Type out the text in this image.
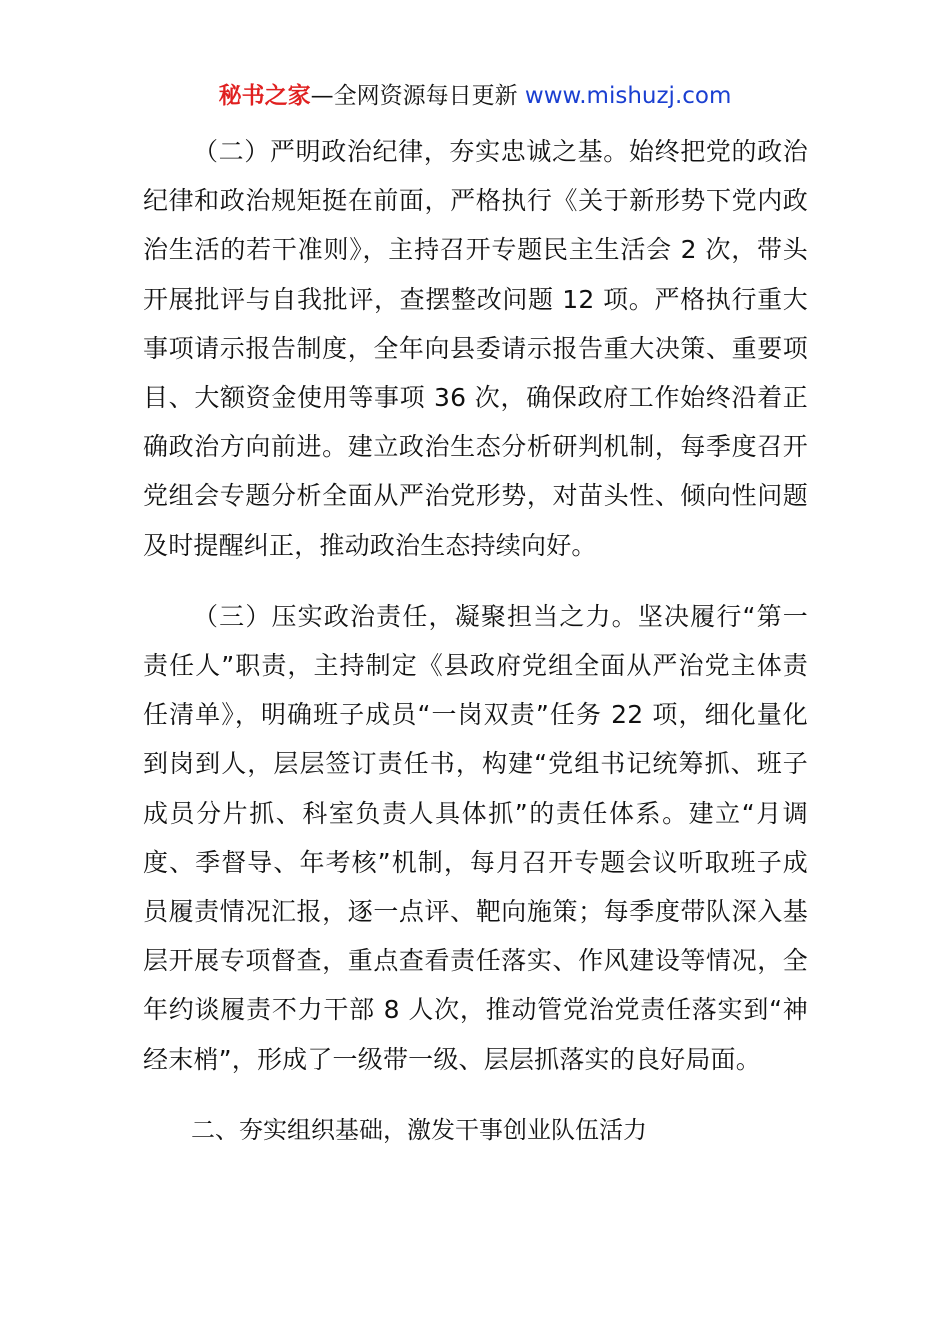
秘书之家—全网资源每日更新 www.mishuzj.com

（二）严明政治纪律，夯实忠诚之基。始终把党的政治纪律和政治规矩挺在前面，严格执行《关于新形势下党内政治生活的若干准则》，主持召开专题民主生活会 2 次，带头开展批评与自我批评，查摆整改问题 12 项。严格执行重大事项请示报告制度，全年向县委请示报告重大决策、重要项目、大额资金使用等事项 36 次，确保政府工作始终沿着正确政治方向前进。建立政治生态分析研判机制，每季度召开党组会专题分析全面从严治党形势，对苗头性、倾向性问题及时提醒纠正，推动政治生态持续向好。

（三）压实政治责任，凝聚担当之力。坚决履行“第一责任人”职责，主持制定《县政府党组全面从严治党主体责任清单》，明确班子成员“一岗双责”任务 22 项，细化量化到岗到人，层层签订责任书，构建“党组书记统筹抓、班子成员分片抓、科室负责人具体抓”的责任体系。建立“月调度、季督导、年考核”机制，每月召开专题会议听取班子成员履责情况汇报，逐一点评、靶向施策；每季度带队深入基层开展专项督查，重点查看责任落实、作风建设等情况，全年约谈履责不力干部 8 人次，推动管党治党责任落实到“神经末梢”，形成了一级带一级、层层抓落实的良好局面。

二、夯实组织基础，激发干事创业队伍活力
